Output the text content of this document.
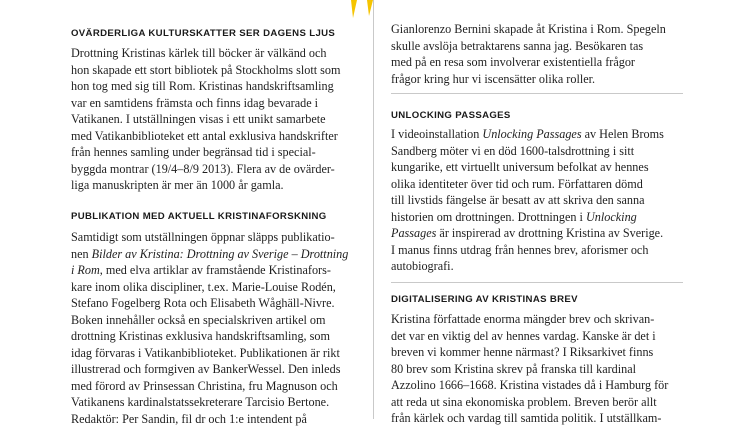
OVÄRDERLIGA KULTURSKATTER SER DAGENS LJUS

Drottning Kristinas kärlek till böcker är välkänd och
hon skapade ett stort bibliotek på Stockholms slott som
hon tog med sig till Rom. Kristinas handskriftsamling
var en samtidens främsta och finns idag bevarade i
Vatikanen. I utställningen visas i ett unikt samarbete
med Vatikanbiblioteket ett antal exklusiva handskrifter
från hennes samling under begränsad tid i special-
byggda montrar (19/4–8/9 2013). Flera av de ovärder-
liga manuskripten är mer än 1000 år gamla.

PUBLIKATION MED AKTUELL KRISTINAFORSKNING

Samtidigt som utställningen öppnar släpps publikatio-
nen Bilder av Kristina: Drottning av Sverige – Drottning
i Rom, med elva artiklar av framstående Kristinafors-
kare inom olika discipliner, t.ex. Marie-Louise Rodén,
Stefano Fogelberg Rota och Elisabeth Wåghäll-Nivre.
Boken innehåller också en specialskriven artikel om
drottning Kristinas exklusiva handskriftsamling, som
idag förvaras i Vatikanbiblioteket. Publikationen är rikt
illustrerad och formgiven av BankerWessel. Den inleds
med förord av Prinsessan Christina, fru Magnuson och
Vatikanens kardinalstatssekreterare Tarcisio Bertone.
Redaktör: Per Sandin, fil dr och 1:e intendent på

Gianlorenzo Bernini skapade åt Kristina i Rom. Spegeln
skulle avslöja betraktarens sanna jag. Besökaren tas
med på en resa som involverar existentiella frågor
frågor kring hur vi iscensätter olika roller.

UNLOCKING PASSAGES

I videoinstallation Unlocking Passages av Helen Broms
Sandberg möter vi en död 1600-talsdrottning i sitt
kungarike, ett virtuellt universum befolkat av hennes
olika identiteter över tid och rum. Författaren dömd
till livstids fängelse är besatt av att skriva den sanna
historien om drottningen. Drottningen i Unlocking
Passages är inspirerad av drottning Kristina av Sverige.
I manus finns utdrag från hennes brev, aforismer och
autobiografi.

DIGITALISERING AV KRISTINAS BREV

Kristina författade enorma mängder brev och skrivan-
det var en viktig del av hennes vardag. Kanske är det i
breven vi kommer henne närmast? I Riksarkivet finns
80 brev som Kristina skrev på franska till kardinal
Azzolino 1666–1668. Kristina vistades då i Hamburg för
att reda ut sina ekonomiska problem. Breven berör allt
från kärlek och vardag till samtida politik. I utställkam-
